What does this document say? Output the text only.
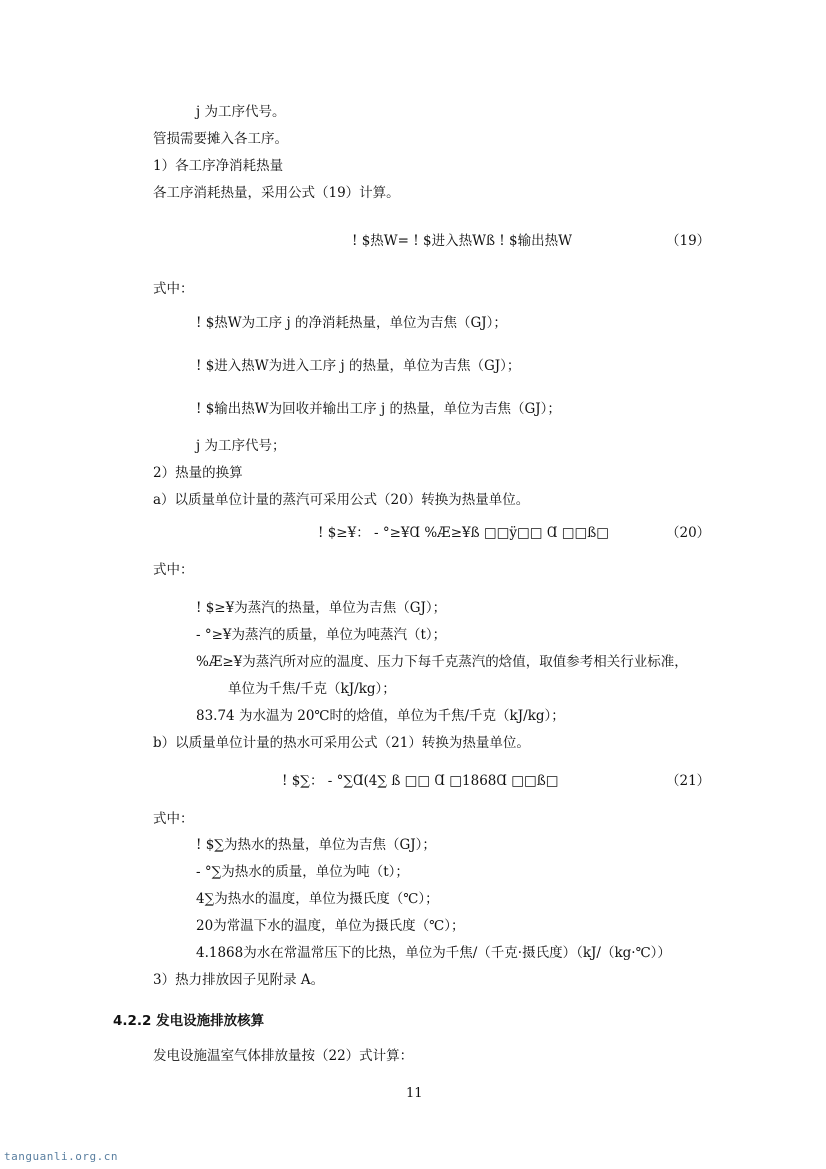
j 为工序代号。
管损需要摊入各工序。
1）各工序净消耗热量
各工序消耗热量，采用公式（19）计算。
! $热W= ! $进入热Wß ! $输出热W	（19）
式中：
! $热W为工序 j 的净消耗热量，单位为吉焦（GJ）；
! $进入热W为进入工序 j 的热量，单位为吉焦（GJ）；
! $输出热W为回收并输出工序 j 的热量，单位为吉焦（GJ）；
j 为工序代号；
2）热量的换算
a）以质量单位计量的蒸汽可采用公式（20）转换为热量单位。
! $≥¥： - °≥¥Ɑ %Æ≥¥ß □□ÿ□□ Ɑ □□ß□	（20）
式中：
! $≥¥为蒸汽的热量，单位为吉焦（GJ）；
- °≥¥为蒸汽的质量，单位为吨蒸汽（t）；
%Æ≥¥为蒸汽所对应的温度、压力下每千克蒸汽的焓值，取值参考相关行业标准，
单位为千焦/千克（kJ/kg）；
83.74 为水温为 20℃时的焓值，单位为千焦/千克（kJ/kg）；
b）以质量单位计量的热水可采用公式（21）转换为热量单位。
! $∑： - °∑Ɑ(4∑ ß □□ Ɑ □1868Ɑ □□ß□	（21）
式中：
! $∑为热水的热量，单位为吉焦（GJ）；
- °∑为热水的质量，单位为吨（t）；
4∑为热水的温度，单位为摄氏度（℃）；
20为常温下水的温度，单位为摄氏度（℃）；
4.1868为水在常温常压下的比热，单位为千焦/（千克·摄氏度）（kJ/（kg·℃））
3）热力排放因子见附录 A。
4.2.2 发电设施排放核算
发电设施温室气体排放量按（22）式计算：
11
tanguanli.org.cn
